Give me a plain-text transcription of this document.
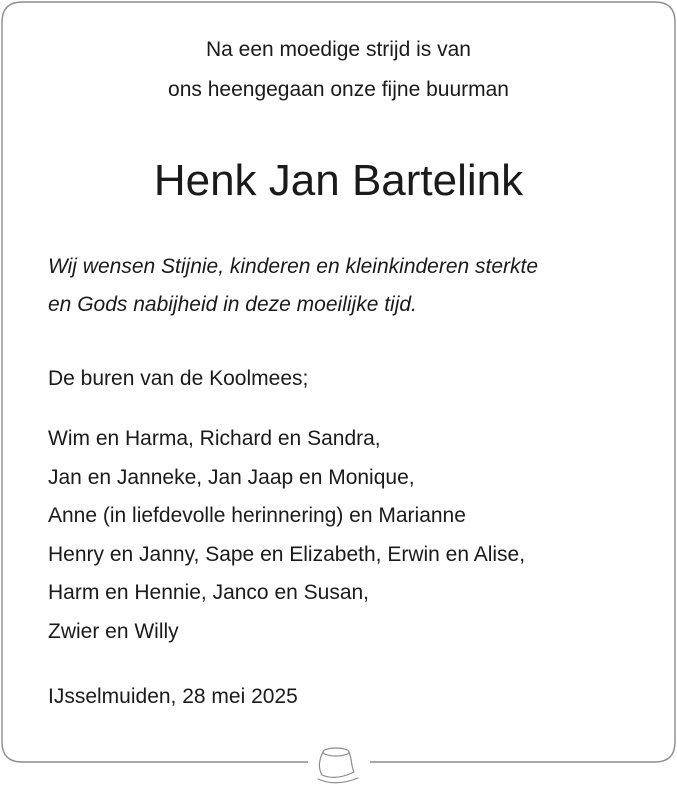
Na een moedige strijd is van
ons heengegaan onze fijne buurman
Henk Jan Bartelink
Wij wensen Stijnie, kinderen en kleinkinderen sterkte
en Gods nabijheid in deze moeilijke tijd.
De buren van de Koolmees;
Wim en Harma, Richard en Sandra,
Jan en Janneke, Jan Jaap en Monique,
Anne (in liefdevolle herinnering) en Marianne
Henry en Janny, Sape en Elizabeth, Erwin en Alise,
Harm en Hennie, Janco en Susan,
Zwier en Willy
IJsselmuiden, 28 mei 2025
